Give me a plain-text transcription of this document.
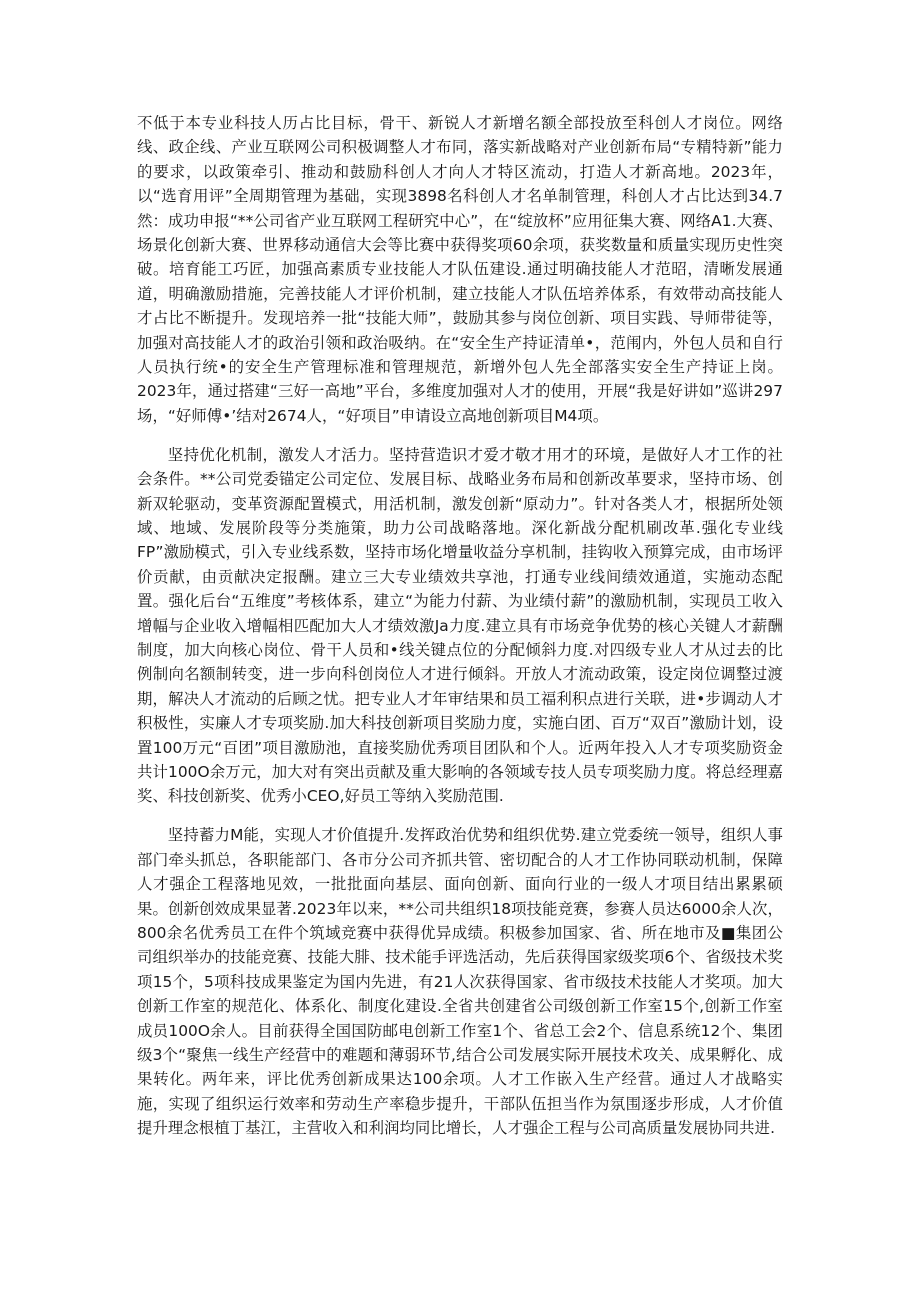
不低于本专业科技人历占比目标，骨干、新锐人才新增名额全部投放至科创人才岗位。网络线、政企线、产业互联网公司积极调整人才布同，落实新战略对产业创新布局“专精特新”能力的要求，以政策牵引、推动和鼓励科创人才向人才特区流动，打造人才新高地。2023年，以“选育用评”全周期管理为基础，实现3898名科创人才名单制管理，科创人才占比达到34.7然：成功申报“**公司省产业互联网工程研究中心”，在“绽放杯”应用征集大赛、网络A1.大赛、场景化创新大赛、世界移动通信大会等比赛中获得奖项60余项，获奖数量和质量实现历史性突破。培育能工巧匠，加强高素质专业技能人才队伍建设.通过明确技能人才范昭，清晰发展通道，明确激励措施，完善技能人才评价机制，建立技能人才队伍培养体系，有效带动高技能人才占比不断提升。发现培养一批“技能大师”，鼓励其参与岗位创新、项目实践、导师带徒等，加强对高技能人才的政治引领和政治吸纳。在“安全生产持证清单•，范闱内，外包人员和自行人员执行统•的安全生产管理标准和管理规范，新增外包人先全部落实安全生产持证上岗。2023年，通过搭建“三好一高地”平台，多维度加强对人才的使用，开展“我是好讲如”巡讲297场，“好师傅•’结对2674人，“好项目”申请设立高地创新项目M4项。

坚持优化机制，激发人才活力。坚持营造识才爱才敬才用才的环境，是做好人才工作的社会条件。**公司党委锚定公司定位、发展目标、战略业务布局和创新改革要求，坚持市场、创新双轮驱动，变革资源配置模式，用活机制，激发创新“原动力”。针对各类人才，根据所处领域、地域、发展阶段等分类施策，助力公司战略落地。深化新战分配机刷改革.强化专业线FP”激励模式，引入专业线系数，坚持市场化增量收益分享机制，挂钩收入预算完成，由市场评价贡献，由贡献决定报酬。建立三大专业绩效共享池，打通专业线间绩效通道，实施动态配置。强化后台“五维度”考核体系，建立“为能力付薪、为业绩付薪”的激励机制，实现员工收入增幅与企业收入增幅相匹配加大人才绩效激Ja力度.建立具有市场竞争优势的核心关键人才薪酬制度，加大向核心岗位、骨干人员和•线关键点位的分配倾斜力度.对四级专业人才从过去的比例制向名额制转变，进一步向科创岗位人才进行倾斜。开放人才流动政策，设定岗位调整过渡期，解决人才流动的后顾之忧。把专业人才年审结果和员工福利积点进行关联，进•步调动人才积极性，实廉人才专项奖励.加大科技创新项目奖励力度，实施白团、百万“双百”激励计划，设置100万元“百团”项目激励池，直接奖励优秀项目团队和个人。近两年投入人才专项奖励资金共计100O余万元，加大对有突出贡献及重大影响的各领域专技人员专项奖励力度。将总经理嘉奖、科技创新奖、优秀小CEO,好员工等纳入奖励范围.

坚持蓄力M能，实现人才价值提升.发挥政治优势和组织优势.建立党委统一领导，组织人事部门牵头抓总，各职能部门、各市分公司齐抓共管、密切配合的人才工作协同联动机制，保障人才强企工程落地见效，一批批面向基层、面向创新、面向行业的一级人才项目结出累累硕果。创新创效成果显著.2023年以来，**公司共组织18项技能竞赛，参赛人员达6000余人次，800余名优秀员工在件个筑域竞赛中获得优异成绩。积极参加国家、省、所在地市及■集团公司组织举办的技能竞赛、技能大腓、技术能手评选活动，先后获得国家级奖项6个、省级技术奖项15个，5项科技成果鉴定为国内先进，有21人次获得国家、省市级技术技能人才奖项。加大创新工作室的规范化、体系化、制度化建设.全省共创建省公司级创新工作室15个,创新工作室成员100O余人。目前获得全国国防邮电创新工作室1个、省总工会2个、信息系统12个、集团级3个“聚焦一线生产经营中的难题和薄弱环节,结合公司发展实际开展技术攻关、成果孵化、成果转化。两年来，评比优秀创新成果达100余项。人才工作嵌入生产经营。通过人才战略实施，实现了组织运行效率和劳动生产率稳步提升，干部队伍担当作为氛围逐步形成，人才价值提升理念根植丁基江，主营收入和利润均同比增长，人才强企工程与公司高质量发展协同共进.
